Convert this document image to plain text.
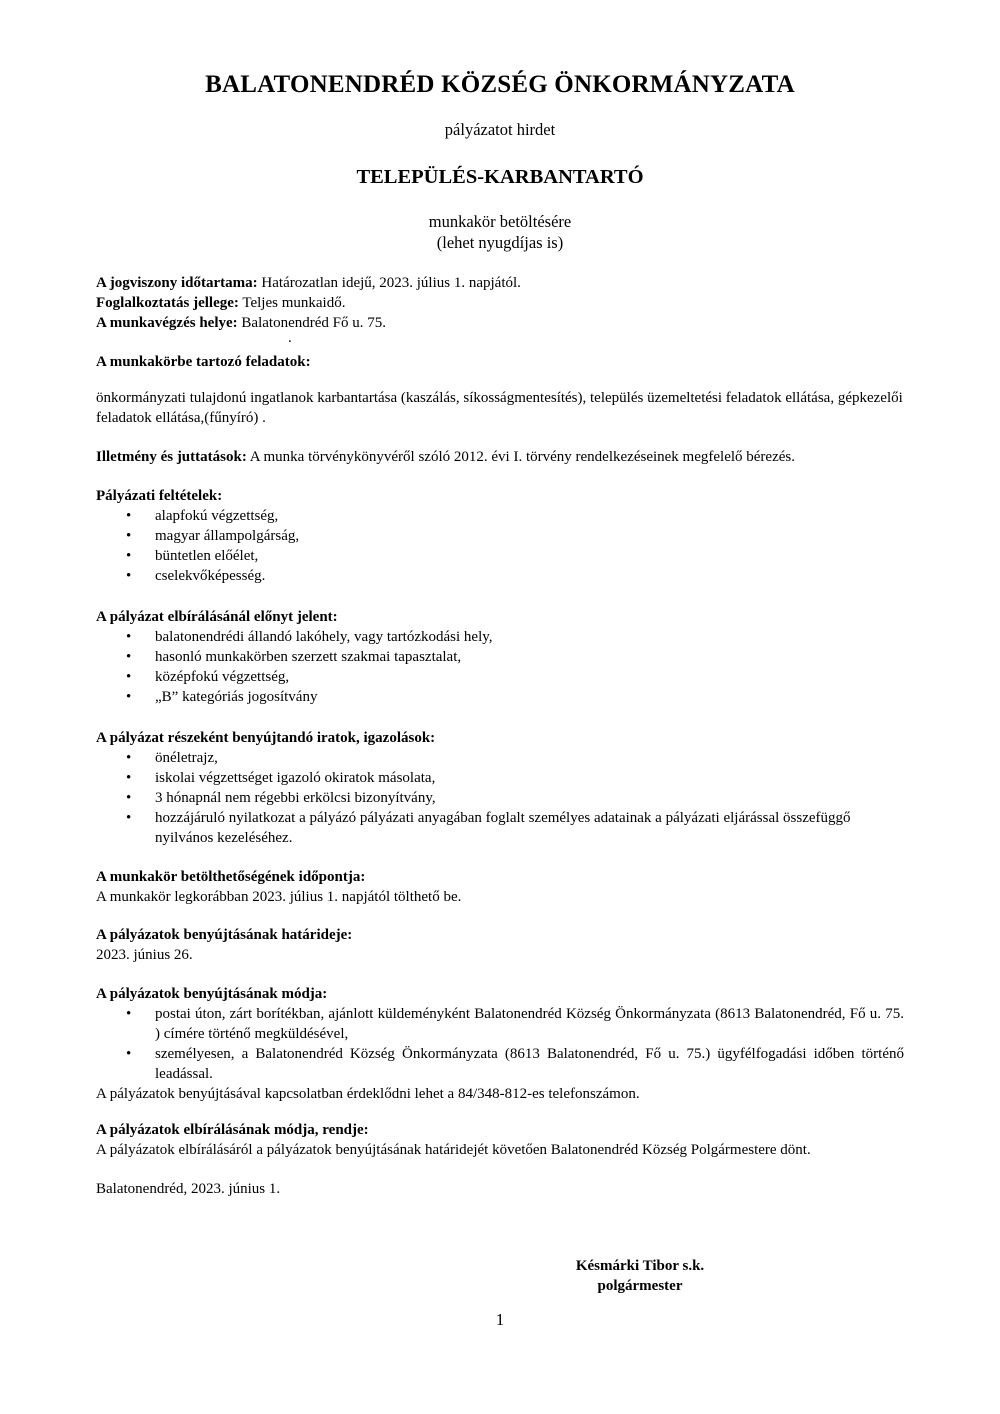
BALATONENDRÉD KÖZSÉG ÖNKORMÁNYZATA
pályázatot hirdet
TELEPÜLÉS-KARBANTARTÓ
munkakör betöltésére
(lehet nyugdíjas is)
A jogviszony időtartama: Határozatlan idejű, 2023. július 1. napjától.
Foglalkoztatás jellege: Teljes munkaidő.
A munkavégzés helye: Balatonendréd Fő u. 75.
.
A munkakörbe tartozó feladatok:
önkormányzati tulajdonú ingatlanok karbantartása (kaszálás, síkosságmentesítés), település üzemeltetési feladatok ellátása, gépkezelői feladatok ellátása,(fűnyíró) .
Illetmény és juttatások: A munka törvénykönyvéről szóló 2012. évi I. törvény rendelkezéseinek megfelelő bérezés.
Pályázati feltételek:
• alapfokú végzettség,
• magyar állampolgárság,
• büntetlen előélet,
• cselekvőképesség.
A pályázat elbírálásánál előnyt jelent:
• balatonendrédi állandó lakóhely, vagy tartózkodási hely,
• hasonló munkakörben szerzett szakmai tapasztalat,
• középfokú végzettség,
• „B” kategóriás jogosítvány
A pályázat részeként benyújtandó iratok, igazolások:
• önéletrajz,
• iskolai végzettséget igazoló okiratok másolata,
• 3 hónapnál nem régebbi erkölcsi bizonyítvány,
• hozzájáruló nyilatkozat a pályázó pályázati anyagában foglalt személyes adatainak a pályázati eljárással összefüggő nyilvános kezeléséhez.
A munkakör betölthetőségének időpontja:
A munkakör legkorábban 2023. július 1. napjától tölthető be.
A pályázatok benyújtásának határideje:
2023. június 26.
A pályázatok benyújtásának módja:
• postai úton, zárt borítékban, ajánlott küldeményként Balatonendréd Község Önkormányzata (8613 Balatonendréd, Fő u. 75. ) címére történő megküldésével,
• személyesen, a Balatonendréd Község Önkormányzata (8613 Balatonendréd, Fő u. 75.) ügyfélfogadási időben történő leadással.
A pályázatok benyújtásával kapcsolatban érdeklődni lehet a 84/348-812-es telefonszámon.
A pályázatok elbírálásának módja, rendje:
A pályázatok elbírálásáról a pályázatok benyújtásának határidejét követően Balatonendréd Község Polgármestere dönt.
Balatonendréd, 2023. június 1.
Késmárki Tibor s.k.
polgármester
1
